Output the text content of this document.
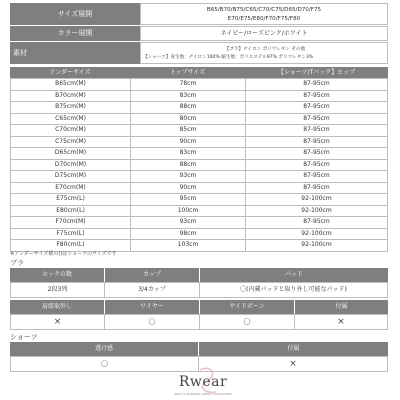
サイズ展開	B65/B70/B75/C65/C70/C75/D65/D70/F75
E70/E75/E80/F70/F75/F80
カラー展開	ネイビー/ローズピンク/ホワイト
素材	【ブラ】ナイロン ポリウレタン その他
【ショーツ】身生地：ナイロン100% 脇生地：ポリエステル97% ポリウレタン3%
アンダーサイズ	トップサイズ	【ショーツ/Tバック】ヒップ
B65cm(M)	78cm	87-95cm
B70cm(M)	83cm	87-95cm
B75cm(M)	88cm	87-95cm
C65cm(M)	80cm	87-95cm
C70cm(M)	85cm	87-95cm
C75cm(M)	90cm	87-95cm
D65cm(M)	83cm	87-95cm
D70cm(M)	88cm	87-95cm
D75cm(M)	93cm	87-95cm
E70cm(M)	90cm	87-95cm
E75cm(L)	95cm	92-100cm
E80cm(L)	100cm	92-100cm
F70cm(M)	93cm	87-95cm
F75cm(L)	98cm	92-100cm
F80cm(L)	103cm	92-100cm
※アンダーサイズ横の()はショーツのサイズです
ブラ
ホックの数	カップ	パッド
2段3列	3/4カップ	〇(内蔵パッドと取り外し可能なパッド)
肩紐取外し	ワイヤー	サイドボーン	付属
×	〇	〇	×
ショーツ
透け感	付属
〇	×
Rwear
SEXY & ELEGANT DRESS COLLECTION
